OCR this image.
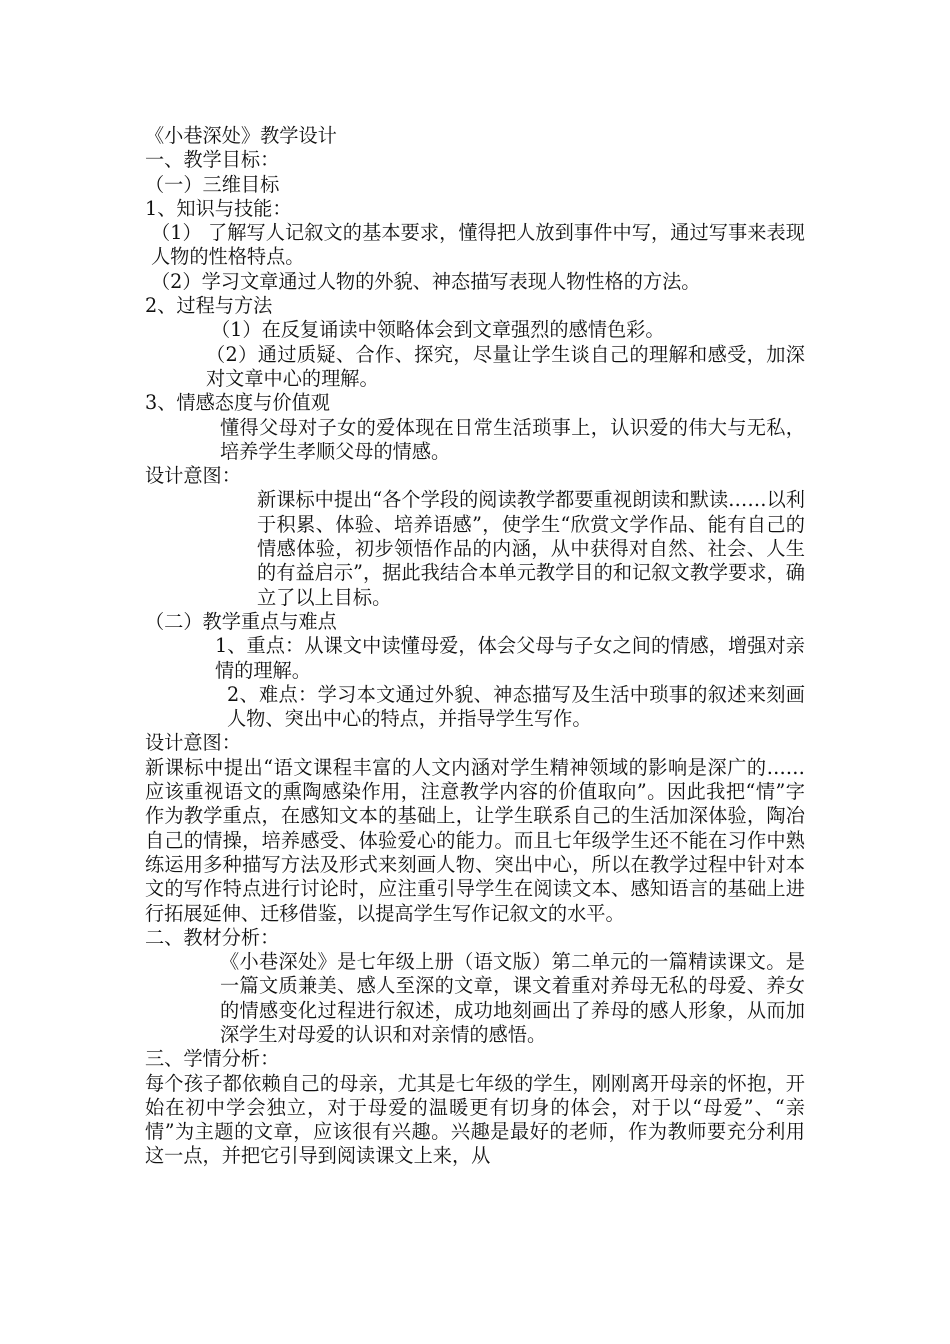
《小巷深处》教学设计

一、教学目标：

（一）三维目标

1、知识与技能：

（1） 了解写人记叙文的基本要求，懂得把人放到事件中写，通过写事来表现人物的性格特点。

（2）学习文章通过人物的外貌、神态描写表现人物性格的方法。

2、过程与方法

（1）在反复诵读中领略体会到文章强烈的感情色彩。

（2）通过质疑、合作、探究，尽量让学生谈自己的理解和感受，加深对文章中心的理解。

3、情感态度与价值观

懂得父母对子女的爱体现在日常生活琐事上，认识爱的伟大与无私，培养学生孝顺父母的情感。

设计意图：

新课标中提出“各个学段的阅读教学都要重视朗读和默读……以利于积累、体验、培养语感”，使学生“欣赏文学作品、能有自己的情感体验，初步领悟作品的内涵，从中获得对自然、社会、人生的有益启示”，据此我结合本单元教学目的和记叙文教学要求，确立了以上目标。

（二）教学重点与难点

1、重点：从课文中读懂母爱，体会父母与子女之间的情感，增强对亲情的理解。

2、难点：学习本文通过外貌、神态描写及生活中琐事的叙述来刻画人物、突出中心的特点，并指导学生写作。

设计意图：

新课标中提出“语文课程丰富的人文内涵对学生精神领域的影响是深广的……应该重视语文的熏陶感染作用，注意教学内容的价值取向”。因此我把“情”字作为教学重点，在感知文本的基础上，让学生联系自己的生活加深体验，陶冶自己的情操，培养感受、体验爱心的能力。而且七年级学生还不能在习作中熟练运用多种描写方法及形式来刻画人物、突出中心，所以在教学过程中针对本文的写作特点进行讨论时，应注重引导学生在阅读文本、感知语言的基础上进行拓展延伸、迁移借鉴，以提高学生写作记叙文的水平。

二、教材分析：

《小巷深处》是七年级上册（语文版）第二单元的一篇精读课文。是一篇文质兼美、感人至深的文章，课文着重对养母无私的母爱、养女的情感变化过程进行叙述，成功地刻画出了养母的感人形象，从而加深学生对母爱的认识和对亲情的感悟。

三、学情分析：

每个孩子都依赖自己的母亲，尤其是七年级的学生，刚刚离开母亲的怀抱，开始在初中学会独立，对于母爱的温暖更有切身的体会，对于以“母爱”、“亲情”为主题的文章，应该很有兴趣。兴趣是最好的老师，作为教师要充分利用这一点，并把它引导到阅读课文上来，从
